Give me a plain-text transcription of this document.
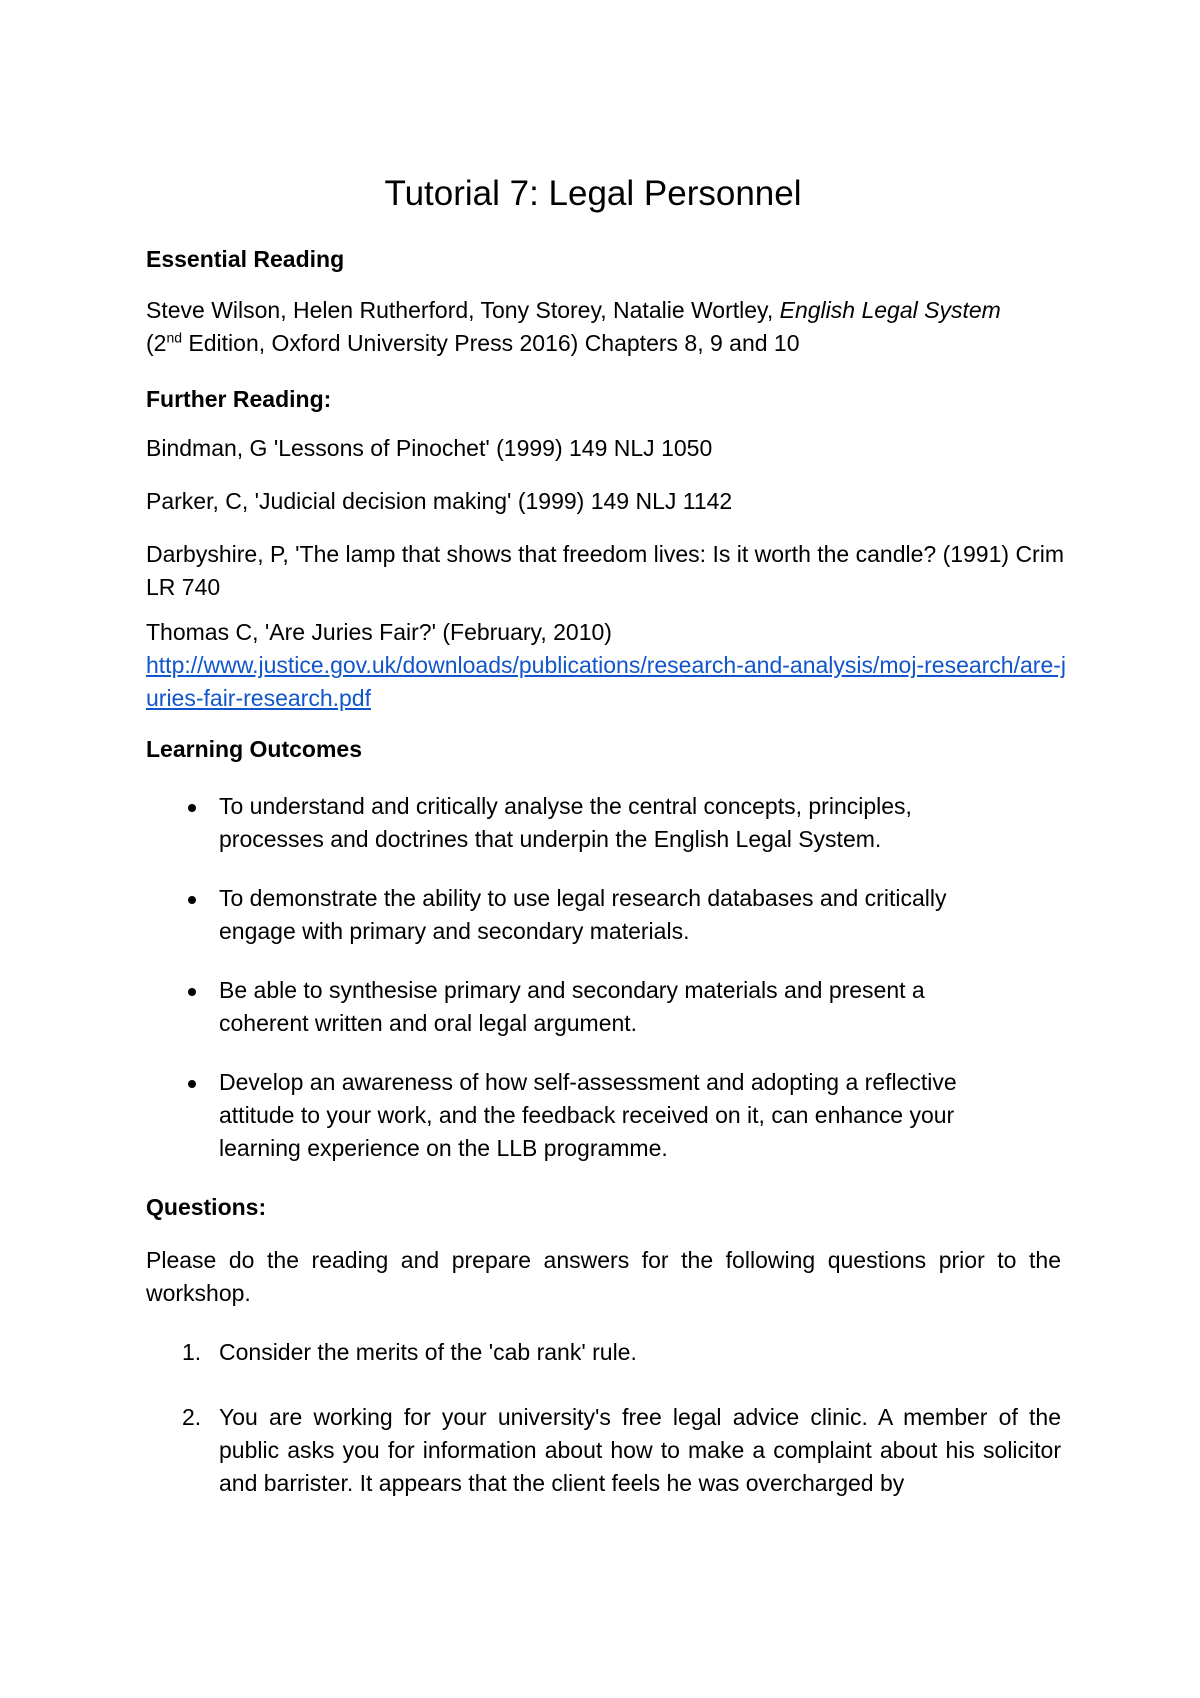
Tutorial 7: Legal Personnel
Essential Reading

Steve Wilson, Helen Rutherford, Tony Storey, Natalie Wortley, English Legal System
(2nd Edition, Oxford University Press 2016) Chapters 8, 9 and 10

Further Reading:

Bindman, G 'Lessons of Pinochet' (1999) 149 NLJ 1050

Parker, C, 'Judicial decision making' (1999) 149 NLJ 1142

Darbyshire, P, 'The lamp that shows that freedom lives: Is it worth the candle? (1991) Crim LR 740

Thomas C, 'Are Juries Fair?' (February, 2010)
http://www.justice.gov.uk/downloads/publications/research-and-analysis/moj-research/are-juries-fair-research.pdf

Learning Outcomes
To understand and critically analyse the central concepts, principles, processes and doctrines that underpin the English Legal System.
To demonstrate the ability to use legal research databases and critically engage with primary and secondary materials.
Be able to synthesise primary and secondary materials and present a coherent written and oral legal argument.
Develop an awareness of how self-assessment and adopting a reflective attitude to your work, and the feedback received on it, can enhance your learning experience on the LLB programme.
Questions:

Please do the reading and prepare answers for the following questions prior to the workshop.

1. Consider the merits of the 'cab rank' rule.
2. You are working for your university's free legal advice clinic. A member of the public asks you for information about how to make a complaint about his solicitor and barrister. It appears that the client feels he was overcharged by
